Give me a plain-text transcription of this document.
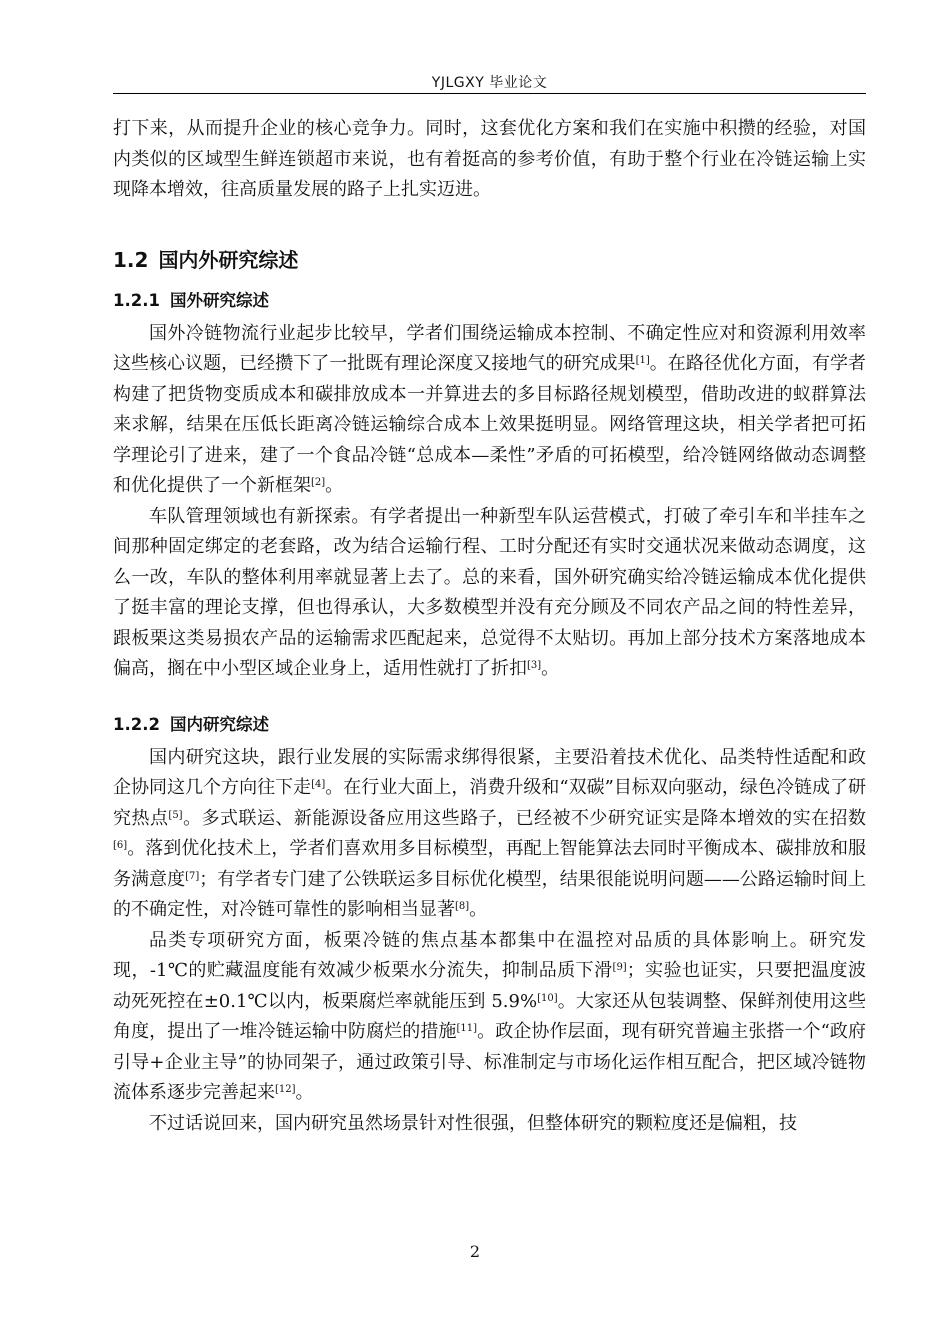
YJLGXY 毕业论文

打下来，从而提升企业的核心竞争力。同时，这套优化方案和我们在实施中积攒的经验，对国内类似的区域型生鲜连锁超市来说，也有着挺高的参考价值，有助于整个行业在冷链运输上实现降本增效，往高质量发展的路子上扎实迈进。

1.2 国内外研究综述
1.2.1 国外研究综述

国外冷链物流行业起步比较早，学者们围绕运输成本控制、不确定性应对和资源利用效率这些核心议题，已经攒下了一批既有理论深度又接地气的研究成果[1]。在路径优化方面，有学者构建了把货物变质成本和碳排放成本一并算进去的多目标路径规划模型，借助改进的蚁群算法来求解，结果在压低长距离冷链运输综合成本上效果挺明显。网络管理这块，相关学者把可拓学理论引了进来，建了一个食品冷链“总成本—柔性”矛盾的可拓模型，给冷链网络做动态调整和优化提供了一个新框架[2]。

车队管理领域也有新探索。有学者提出一种新型车队运营模式，打破了牵引车和半挂车之间那种固定绑定的老套路，改为结合运输行程、工时分配还有实时交通状况来做动态调度，这么一改，车队的整体利用率就显著上去了。总的来看，国外研究确实给冷链运输成本优化提供了挺丰富的理论支撑，但也得承认，大多数模型并没有充分顾及不同农产品之间的特性差异，跟板栗这类易损农产品的运输需求匹配起来，总觉得不太贴切。再加上部分技术方案落地成本偏高，搁在中小型区域企业身上，适用性就打了折扣[3]。

1.2.2 国内研究综述

国内研究这块，跟行业发展的实际需求绑得很紧，主要沿着技术优化、品类特性适配和政企协同这几个方向往下走[4]。在行业大面上，消费升级和“双碳”目标双向驱动，绿色冷链成了研究热点[5]。多式联运、新能源设备应用这些路子，已经被不少研究证实是降本增效的实在招数[6]。落到优化技术上，学者们喜欢用多目标模型，再配上智能算法去同时平衡成本、碳排放和服务满意度[7]；有学者专门建了公铁联运多目标优化模型，结果很能说明问题——公路运输时间上的不确定性，对冷链可靠性的影响相当显著[8]。

品类专项研究方面，板栗冷链的焦点基本都集中在温控对品质的具体影响上。研究发现，-1℃的贮藏温度能有效减少板栗水分流失，抑制品质下滑[9]；实验也证实，只要把温度波动死死控在±0.1℃以内，板栗腐烂率就能压到 5.9%[10]。大家还从包装调整、保鲜剂使用这些角度，提出了一堆冷链运输中防腐烂的措施[11]。政企协作层面，现有研究普遍主张搭一个“政府引导+企业主导”的协同架子，通过政策引导、标准制定与市场化运作相互配合，把区域冷链物流体系逐步完善起来[12]。

不过话说回来，国内研究虽然场景针对性很强，但整体研究的颗粒度还是偏粗，技

2
